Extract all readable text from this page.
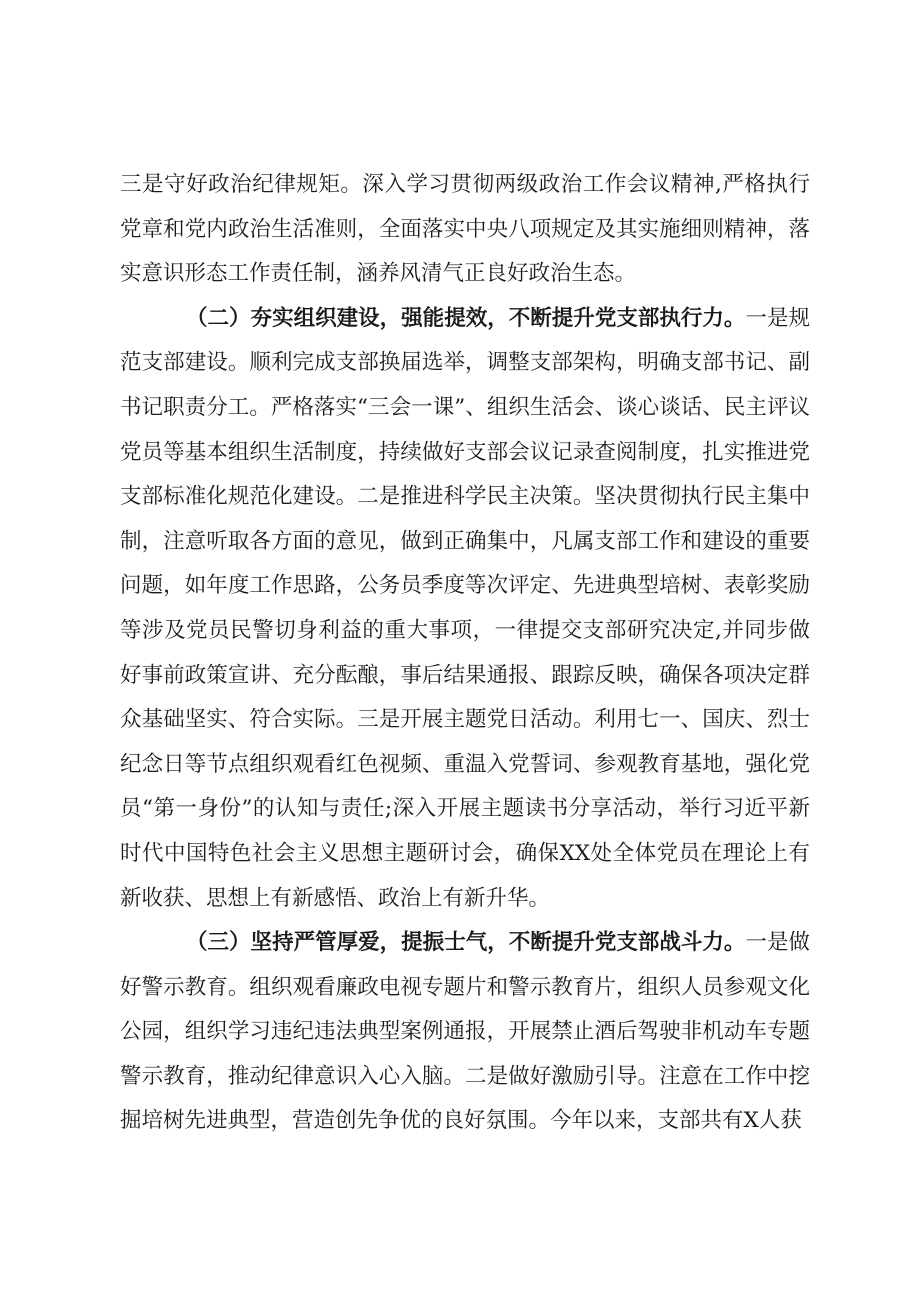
三是守好政治纪律规矩。深入学习贯彻两级政治工作会议精神,严格执行党章和党内政治生活准则，全面落实中央八项规定及其实施细则精神，落实意识形态工作责任制，涵养风清气正良好政治生态。

（二）夯实组织建设，强能提效，不断提升党支部执行力。一是规范支部建设。顺利完成支部换届选举，调整支部架构，明确支部书记、副书记职责分工。严格落实“三会一课”、组织生活会、谈心谈话、民主评议党员等基本组织生活制度，持续做好支部会议记录查阅制度，扎实推进党支部标准化规范化建设。二是推进科学民主决策。坚决贯彻执行民主集中制，注意听取各方面的意见，做到正确集中，凡属支部工作和建设的重要问题，如年度工作思路，公务员季度等次评定、先进典型培树、表彰奖励等涉及党员民警切身利益的重大事项，一律提交支部研究决定,并同步做好事前政策宣讲、充分酝酿，事后结果通报、跟踪反映，确保各项决定群众基础坚实、符合实际。三是开展主题党日活动。利用七一、国庆、烈士纪念日等节点组织观看红色视频、重温入党誓词、参观教育基地，强化党员“第一身份”的认知与责任;深入开展主题读书分享活动，举行习近平新时代中国特色社会主义思想主题研讨会，确保XX处全体党员在理论上有新收获、思想上有新感悟、政治上有新升华。

（三）坚持严管厚爱，提振士气，不断提升党支部战斗力。一是做好警示教育。组织观看廉政电视专题片和警示教育片，组织人员参观文化公园，组织学习违纪违法典型案例通报，开展禁止酒后驾驶非机动车专题警示教育，推动纪律意识入心入脑。二是做好激励引导。注意在工作中挖掘培树先进典型，营造创先争优的良好氛围。今年以来，支部共有X人获
